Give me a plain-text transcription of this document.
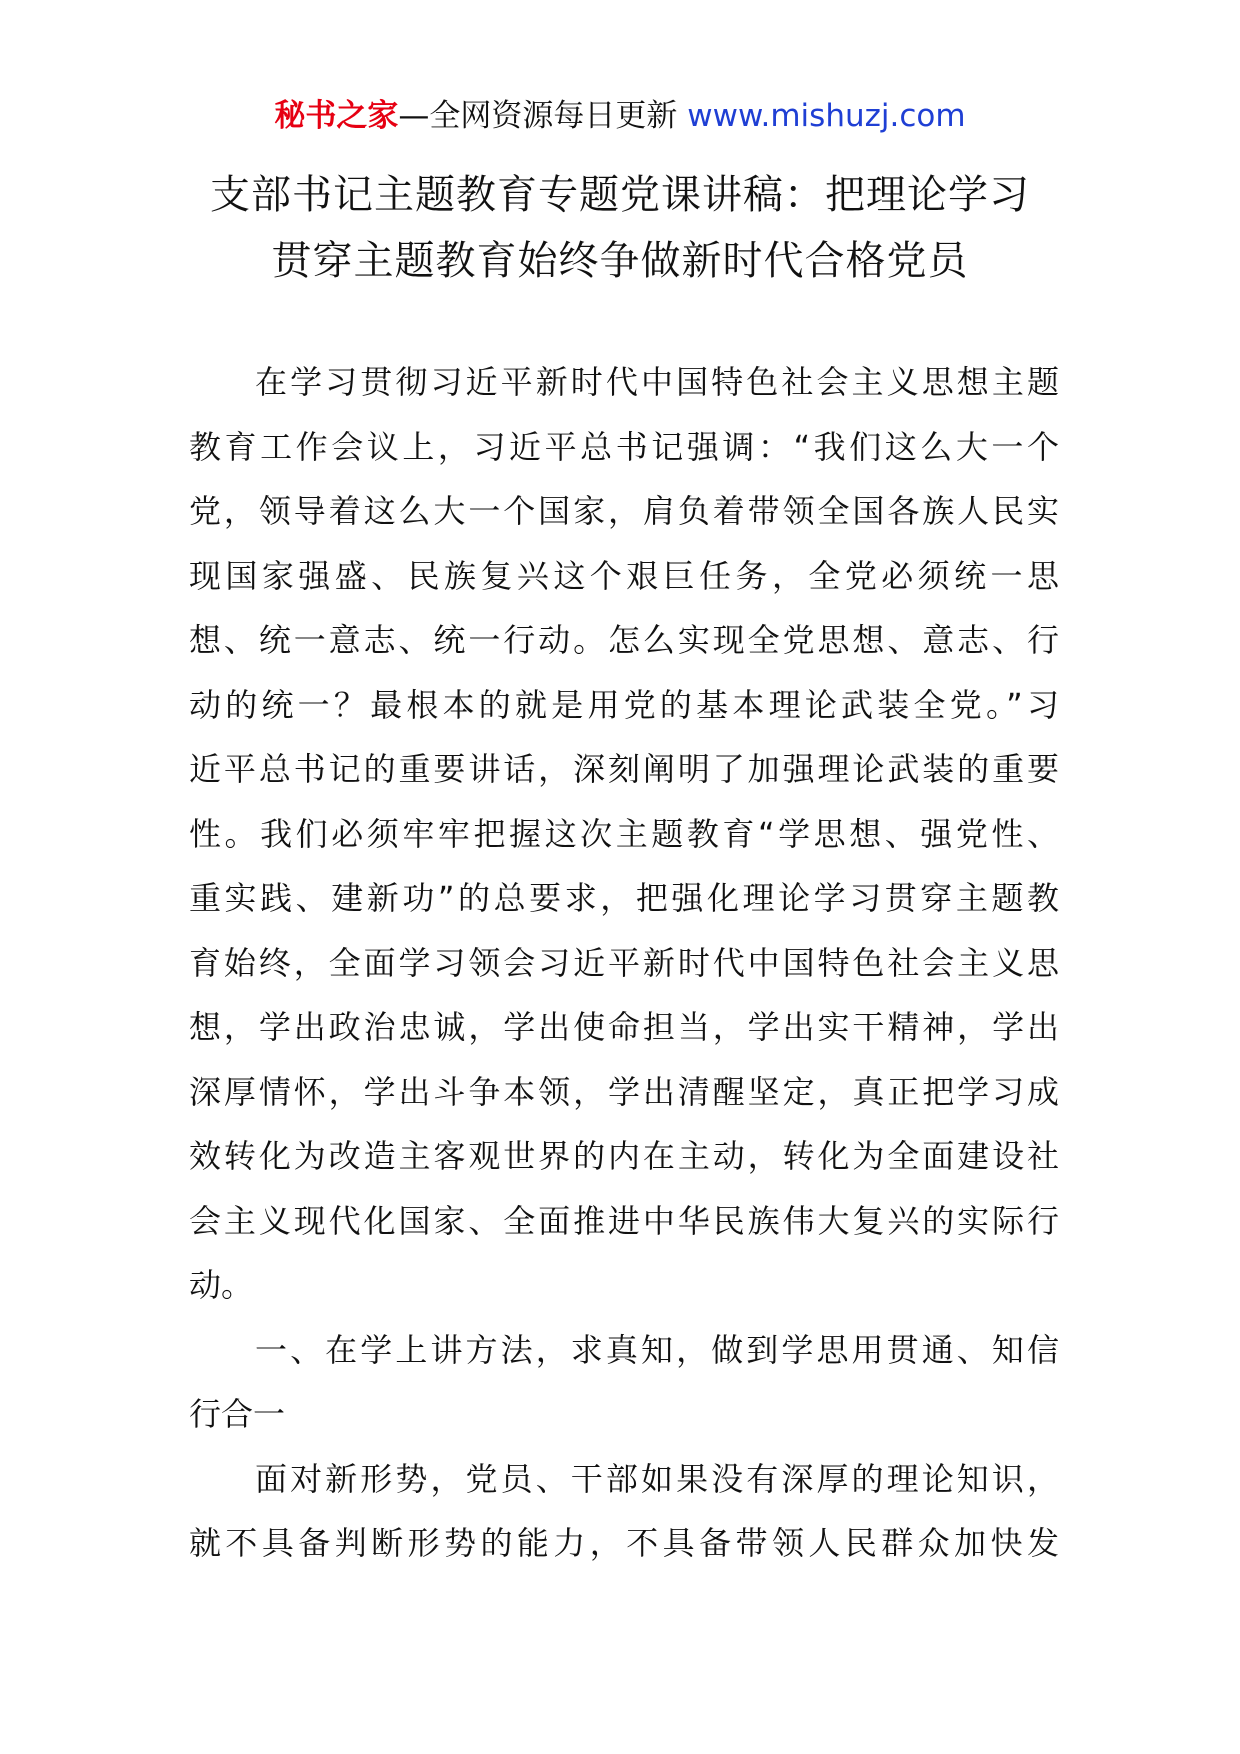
秘书之家—全网资源每日更新 www.mishuzj.com
支部书记主题教育专题党课讲稿：把理论学习
贯穿主题教育始终争做新时代合格党员
在学习贯彻习近平新时代中国特色社会主义思想主题
教育工作会议上，习近平总书记强调：“我们这么大一个
党，领导着这么大一个国家，肩负着带领全国各族人民实
现国家强盛、民族复兴这个艰巨任务，全党必须统一思
想、统一意志、统一行动。怎么实现全党思想、意志、行
动的统一？最根本的就是用党的基本理论武装全党。”习
近平总书记的重要讲话，深刻阐明了加强理论武装的重要
性。我们必须牢牢把握这次主题教育“学思想、强党性、
重实践、建新功”的总要求，把强化理论学习贯穿主题教
育始终，全面学习领会习近平新时代中国特色社会主义思
想，学出政治忠诚，学出使命担当，学出实干精神，学出
深厚情怀，学出斗争本领，学出清醒坚定，真正把学习成
效转化为改造主客观世界的内在主动，转化为全面建设社
会主义现代化国家、全面推进中华民族伟大复兴的实际行
动。
一、在学上讲方法，求真知，做到学思用贯通、知信
行合一
面对新形势，党员、干部如果没有深厚的理论知识，
就不具备判断形势的能力，不具备带领人民群众加快发
